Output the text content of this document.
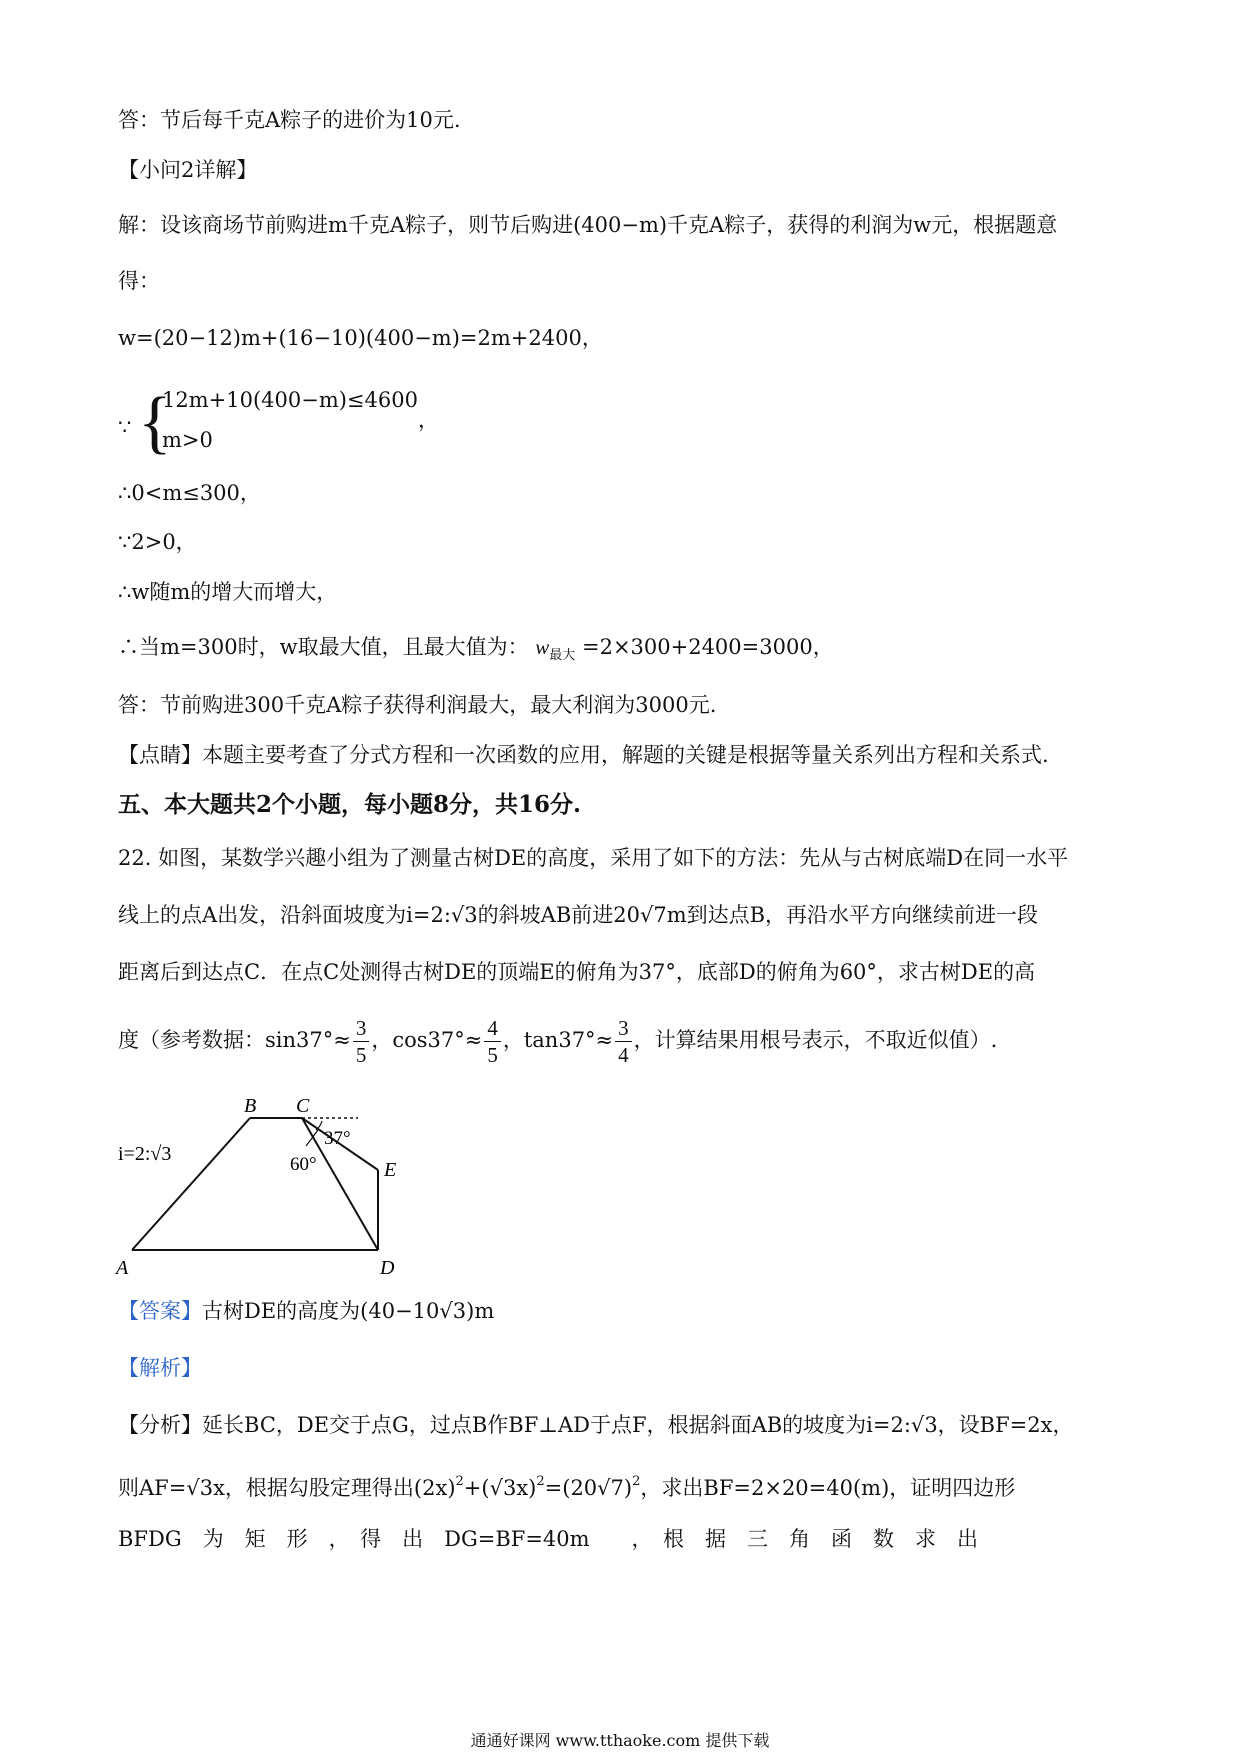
答：节后每千克A粽子的进价为10元.
【小问2详解】
解：设该商场节前购进m千克A粽子，则节后购进(400−m)千克A粽子，获得的利润为w元，根据题意
得：
w=(20−12)m+(16−10)(400−m)=2m+2400，
∵ {
12m+10(400−m)≤4600
m>0
，
∴0<m≤300，
∵2>0，
∴w随m的增大而增大，
∴当m=300时，w取最大值，且最大值为： $w_{最大} =2\times 300+2400=3000$，
答：节前购进300千克A粽子获得利润最大，最大利润为3000元.
【点睛】本题主要考查了分式方程和一次函数的应用，解题的关键是根据等量关系列出方程和关系式.
五、本大题共2个小题，每小题8分，共16分.
22. 如图，某数学兴趣小组为了测量古树DE的高度，采用了如下的方法：先从与古树底端D在同一水平
线上的点A出发，沿斜面坡度为i=2:√3的斜坡AB前进20√7m到达点B，再沿水平方向继续前进一段
距离后到达点C．在点C处测得古树DE的顶端E的俯角为37°，底部D的俯角为60°，求古树DE的高
度（参考数据：$\sin 37^\circ\approx \frac{3}{5}$ ，$\cos 37^\circ\approx \frac{4}{5}$ ，$\tan 37^\circ\approx \frac{3}{4}$ ，计算结果用根号表示，不取近似值）.
A
B C
D
E
i=2:√3
37°
60°
【答案】古树DE的高度为(40−10√3)m
【解析】
【分析】延长BC，DE交于点G，过点B作BF⊥AD于点F，根据斜面AB的坡度为i=2:√3，设BF=2x，
则AF=√3x，根据勾股定理得出$(2x)^2+(√3x)^2=(20√7)^2$，求出BF=2×20=40(m)，证明四边形
BFDG　为　矩　形　，　得　出　DG=BF=40m　　，　根　据　三　角　函　数　求　出
通通好课网 www.tthaoke.com 提供下载
